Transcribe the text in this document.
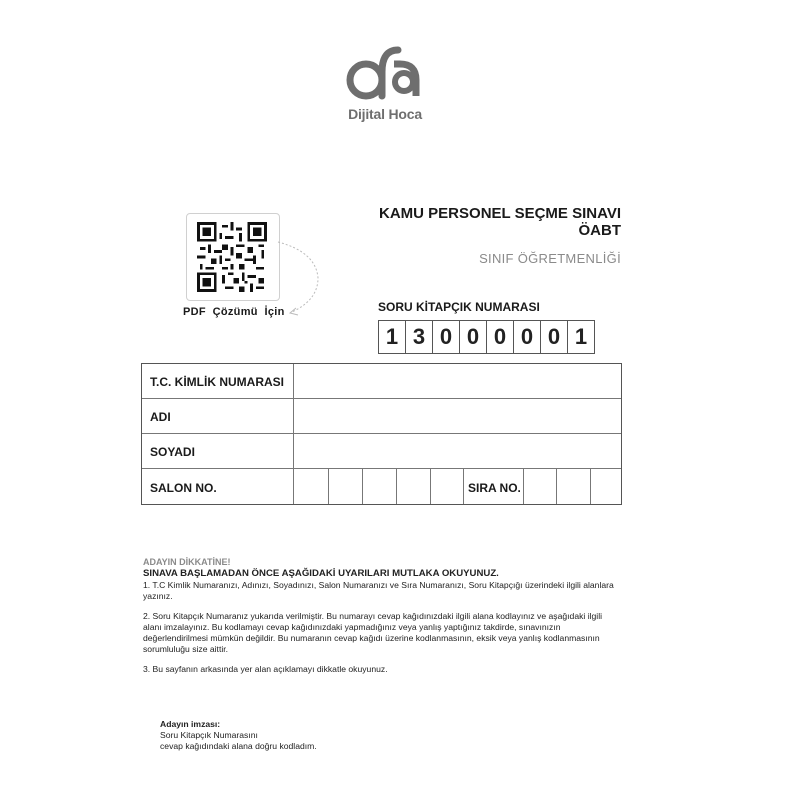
Dijital Hoca
PDF  Çözümü  İçin
KAMU PERSONEL SEÇME SINAVI
ÖABT
SINIF ÖĞRETMENLİĞİ
SORU KİTAPÇIK NUMARASI
1 3 0 0 0 0 0 1
T.C. KİMLİK NUMARASI
ADI
SOYADI
SALON NO.	SIRA NO.
ADAYIN DİKKATİNE!
SINAVA BAŞLAMADAN ÖNCE AŞAĞIDAKİ UYARILARI MUTLAKA OKUYUNUZ.

1. T.C Kimlik Numaranızı, Adınızı, Soyadınızı, Salon Numaranızı ve Sıra Numaranızı, Soru Kitapçığı üzerindeki ilgili alanlara yazınız.

2. Soru Kitapçık Numaranız yukarıda verilmiştir. Bu numarayı cevap kağıdınızdaki ilgili alana kodlayınız ve aşağıdaki ilgili alanı imzalayınız. Bu kodlamayı cevap kağıdınızdaki yapmadığınız veya yanlış yaptığınız takdirde, sınavınızın değerlendirilmesi mümkün değildir. Bu numaranın cevap kağıdı üzerine kodlanmasının, eksik veya yanlış kodlanmasının sorumluluğu size aittir.

3. Bu sayfanın arkasında yer alan açıklamayı dikkatle okuyunuz.

Adayın imzası:
Soru Kitapçık Numarasını
cevap kağıdındaki alana doğru kodladım.
